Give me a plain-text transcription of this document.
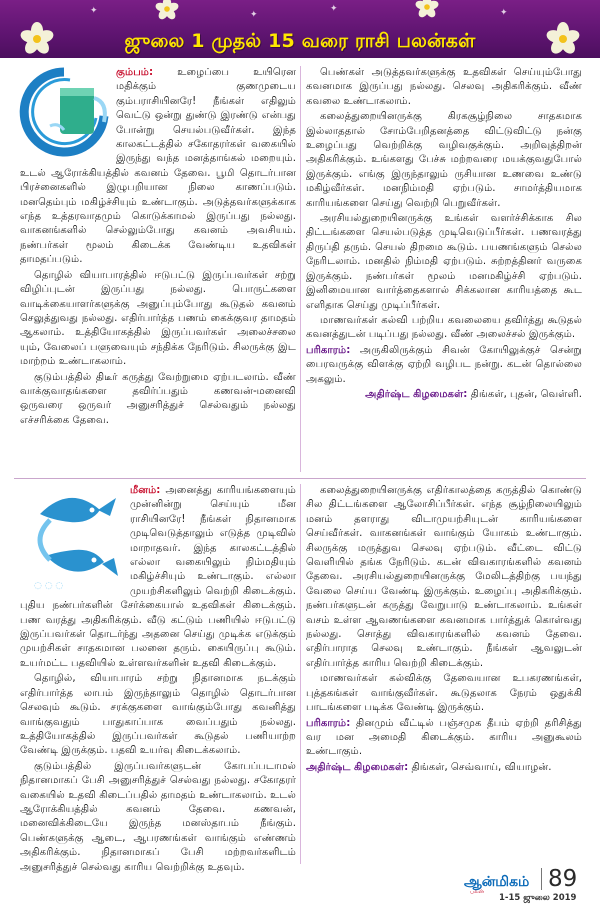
✦	✦
✦	✦
ஜுலை 1 முதல் 15 வரை ராசி பலன்கள்

கும்பம்: உழைப்பை உயிரென மதிக்கும் குணமுடைய கும்பராசியினரே! நீங்கள் எதிலும் வெட்டு ஒன்று துண்டு இரண்டு என்பது போன்று செயல்படுவீர்கள். இந்த காலகட்டத்தில் சகோதரர்கள் வகையில் இருந்து வந்த மனத்தாங்கல் மறையும். உடல் ஆரோக்கியத்தில் கவனம் தேவை. பூமி தொடர்பான பிரச்னைகளில் இழுபறியான நிலை காணப்படும். மனதெம்பும் மகிழ்ச்சியும் உண்டாகும். அடுத்தவர்களுக்காக எந்த உத்தரவாதமும் கொடுக்காமல் இருப்பது நல்லது. வாகனங்களில் செல்லும்போது கவனம் அவசியம். நண்பர்கள் மூலம் கிடைக்க வேண்டிய உதவிகள் தாமதப்படும்.

தொழில் வியாபாரத்தில் ஈடுபட்டு இருப்பவர்கள் சற்று விழிப்புடன் இருப்பது நல்லது. பொருட்களை வாடிக்கையாளர்களுக்கு அனுப்பும்போது கூடுதல் கவனம் செலுத்துவது நல்லது. எதிர்பார்த்த பணம் கைக்குவர தாமதம் ஆகலாம். உத்தியோகத்தில் இருப்பவர்கள் அலைச்சலை யும், வேலைப் பளுவையும் சந்திக்க நேரிடும். சிலருக்கு இட மாற்றம் உண்டாகலாம்.

குடும்பத்தில் திடீர் கருத்து வேற்றுமை ஏற்படலாம். வீண் வாக்குவாதங்களை தவிர்ப்பதும் கணவன்-மனைவி ஒருவரை ஒருவர் அனுசரித்துச் செல்வதும் நல்லது எச்சரிக்கை தேவை.

பெண்கள் அடுத்தவர்களுக்கு உதவிகள் செய்யும்போது கவனமாக இருப்பது நல்லது. செலவு அதிகரிக்கும். வீண் கவலை உண்டாகலாம்.

கலைத்துறையினருக்கு கிரகசூழ்நிலை சாதகமாக இல்லாததால் சோம்பேறிதனத்தை விட்டுவிட்டு நன்கு உழைப்பது வெற்றிக்கு வழிவகுக்கும். அறிவுத்திறன் அதிகரிக்கும். உங்களது பேச்சு மற்றவரை மயக்குவதுபோல் இருக்கும். எங்கு இருந்தாலும் ருசியான உணவை உண்டு மகிழ்வீர்கள். மனநிம்மதி ஏற்படும். சாமர்த்தியமாக காரியங்களை செய்து வெற்றி பெறுவீர்கள்.

அரசியல்துறையினருக்கு உங்கள் வளர்ச்சிக்காக சில திட்டங்களை செயல்படுத்த முடிவெடுப்பீர்கள். பணவரத்து திருப்தி தரும். செயல் திறமை கூடும். பயணங்களும் செல்ல நேரிடலாம். மனதில் நிம்மதி ஏற்படும். சுற்றத்தினர் வருகை இருக்கும். நண்பர்கள் மூலம் மனமகிழ்ச்சி ஏற்படும். இனிமையான வார்த்தைகளால் சிக்கலான காரியத்தை கூட எளிதாக செய்து முடிப்பீர்கள்.

மாணவர்கள் கல்வி பற்றிய கவலையை தவிர்த்து கூடுதல் கவனத்துடன் படிப்பது நல்லது. வீண் அலைச்சல் இருக்கும்.

பரிகாரம்: அருகிலிருக்கும் சிவன் கோயிலுக்குச் சென்று பைரவருக்கு விளக்கு ஏற்றி வழிபட நன்று. கடன் தொல்லை அகலும்.

அதிர்ஷ்ட கிழமைகள்: திங்கள், புதன், வெள்ளி.

◌ ◌ ◌

மீனம்: அனைத்து காரியங்களையும் முன்னின்று செய்யும் மீன ராசியினரே! நீங்கள் நிதானமாக முடிவெடுத்தாலும் எடுத்த முடிவில் மாறாதவர். இந்த காலகட்டத்தில் எல்லா வகையிலும் நிம்மதியும் மகிழ்ச்சியும் உண்டாகும். எல்லா முயற்சிகளிலும் வெற்றி கிடைக்கும். புதிய நண்பர்களின் சேர்க்கையால் உதவிகள் கிடைக்கும். பண வரத்து அதிகரிக்கும். வீடு கட்டும் பணியில் ஈடுபட்டு இருப்பவர்கள் தொடர்ந்து அதனை செய்து முடிக்க எடுக்கும் முயற்சிகள் சாதகமான பலனை தரும். கையிருப்பு கூடும். உயர்மட்ட பதவியில் உள்ளவர்களின் உதவி கிடைக்கும்.

தொழில், வியாபாரம் சற்று நிதானமாக நடக்கும் எதிர்பார்த்த லாபம் இருந்தாலும் தொழில் தொடர்பான செலவும் கூடும். சரக்குகளை வாங்கும்போது கவனித்து வாங்குவதும் பாதுகாப்பாக வைப்பதும் நல்லது. உத்தியோகத்தில் இருப்பவர்கள் கூடுதல் பணியாற்ற வேண்டி இருக்கும். பதவி உயர்வு கிடைக்கலாம்.

குடும்பத்தில் இருப்பவர்களுடன் கோபப்படாமல் நிதானமாகப் பேசி அனுசரித்துச் செல்வது நல்லது. சகோதரர் வகையில் உதவி கிடைப்பதில் தாமதம் உண்டாகலாம். உடல் ஆரோக்கியத்தில் கவனம் தேவை. கணவன், மனைவிக்கிடையே இருந்த மனஸ்தாபம் நீங்கும். பெண்களுக்கு ஆடை, ஆபரணங்கள் வாங்கும் எண்ணம் அதிகரிக்கும். நிதானமாகப் பேசி மற்றவர்களிடம் அனுசரித்துச் செல்வது காரிய வெற்றிக்கு உதவும்.

கலைத்துறையினருக்கு எதிர்காலத்தை கருத்தில் கொண்டு சில திட்டங்களை ஆலோசிப்பீர்கள். எந்த சூழ்நிலையிலும் மனம் தளராது விடாமுயற்சியுடன் காரியங்களை செய்வீர்கள். வாகனங்கள் வாங்கும் யோகம் உண்டாகும். சிலருக்கு மருத்துவ செலவு ஏற்படும். வீட்டை விட்டு வெளியில் தங்க நேரிடும். கடன் விவகாரங்களில் கவனம் தேவை. அரசியல்துறையினருக்கு மேலிடத்திற்கு பயந்து வேலை செய்ய வேண்டி இருக்கும். உழைப்பு அதிகரிக்கும். நண்பர்களுடன் கருத்து வேறுபாடு உண்டாகலாம். உங்கள் வசம் உள்ள ஆவணங்களை கவனமாக பார்த்துக் கொள்வது நல்லது. சொத்து விவகாரங்களில் கவனம் தேவை. எதிர்பாராத செலவு உண்டாகும். நீங்கள் ஆவலுடன் எதிர்பார்த்த காரிய வெற்றி கிடைக்கும்.

மாணவர்கள் கல்விக்கு தேவையான உபகரணங்கள், புத்தகங்கள் வாங்குவீர்கள். கூடுதலாக நேரம் ஒதுக்கி பாடங்களை படிக்க வேண்டி இருக்கும்.

பரிகாரம்: தினமும் வீட்டில் பஞ்சமுக தீபம் ஏற்றி தரிசித்து வர மன அமைதி கிடைக்கும். காரிய அனுகூலம் உண்டாகும்.

அதிர்ஷ்ட கிழமைகள்: திங்கள், செவ்வாய், வியாழன்.

ஆன்மிகம்
பலன்	89
1-15 ஜுலை 2019
